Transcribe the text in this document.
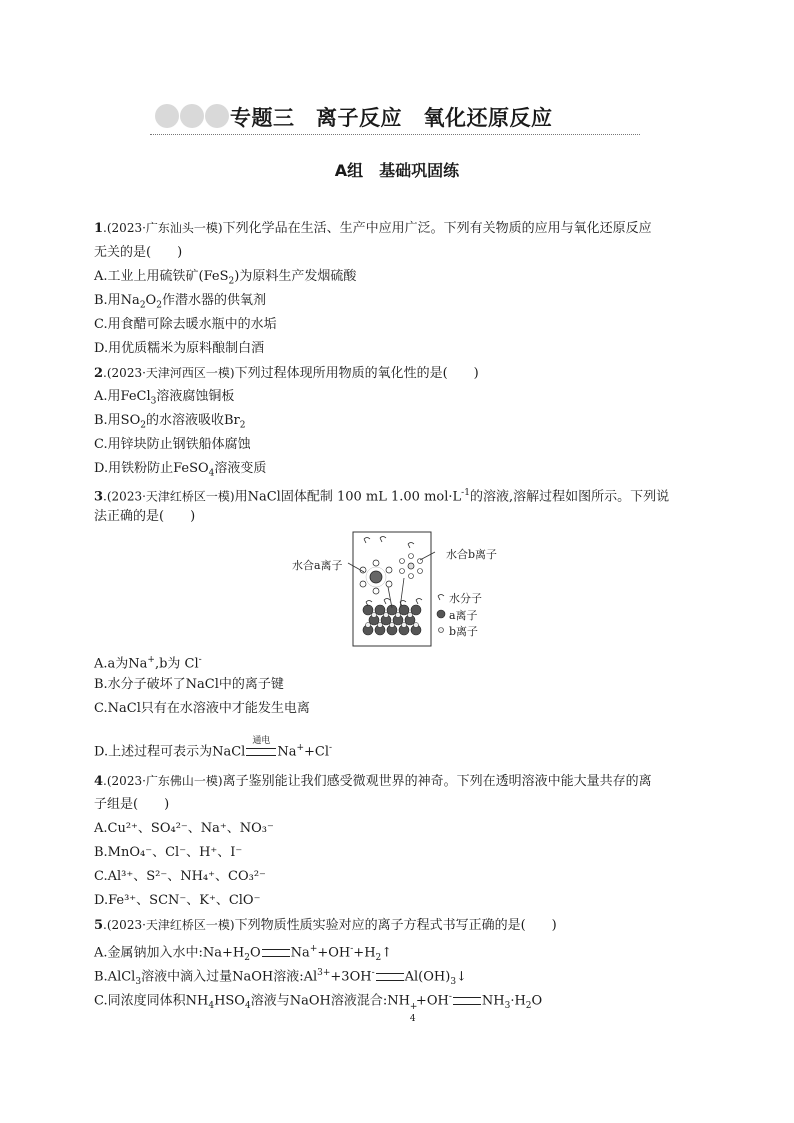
专题三　离子反应　氧化还原反应
A组　基础巩固练
1.(2023·广东汕头一模)下列化学品在生活、生产中应用广泛。下列有关物质的应用与氧化还原反应
无关的是(　　)
A.工业上用硫铁矿(FeS$_2$)为原料生产发烟硫酸
B.用$Na_2O_2$作潜水器的供氧剂
C.用食醋可除去暖水瓶中的水垢
D.用优质糯米为原料酿制白酒
2.(2023·天津河西区一模)下列过程体现所用物质的氧化性的是(　　)
A.用FeCl$_3$溶液腐蚀铜板
B.用$SO_2$的水溶液吸收$Br_2$
C.用锌块防止钢铁船体腐蚀
D.用铁粉防止FeSO$_4$溶液变质
3.(2023·天津红桥区一模)用NaCl固体配制 100 mL 1.00 $mol\cdot L^{-1}$的溶液,溶解过程如图所示。下列说
法正确的是(　　)
水合a离子
水合b离子
水分子
a离子
b离子
A.a为Na+,b为 Cl-
B.水分子破坏了NaCl中的离子键
C.NaCl只有在水溶液中才能发生电离
D.上述过程可表示为NaCl
通电
Na++Cl-
4.(2023·广东佛山一模)离子鉴别能让我们感受微观世界的神奇。下列在透明溶液中能大量共存的离
子组是(　　)
A.Cu²⁺、SO₄²⁻、Na⁺、NO₃⁻
B.MnO₄⁻、Cl⁻、H⁺、I⁻
C.Al³⁺、S²⁻、NH₄⁺、CO₃²⁻
D.Fe³⁺、SCN⁻、K⁺、ClO⁻
5.(2023·天津红桥区一模)下列物质性质实验对应的离子方程式书写正确的是(　　)
A.金属钠加入水中$:Na+H_2O$ $Na^++OH^-+H_2↑$
B.AlCl$_3$溶液中滴入过量NaOH溶液$:Al^{3+}+3OH^-$ $Al(OH)_3↓$
C.同浓度同体积$NH_4HSO_4$溶液与NaOH溶液混合:NH +
4
+OH- $NH_3\cdot H_2O$
